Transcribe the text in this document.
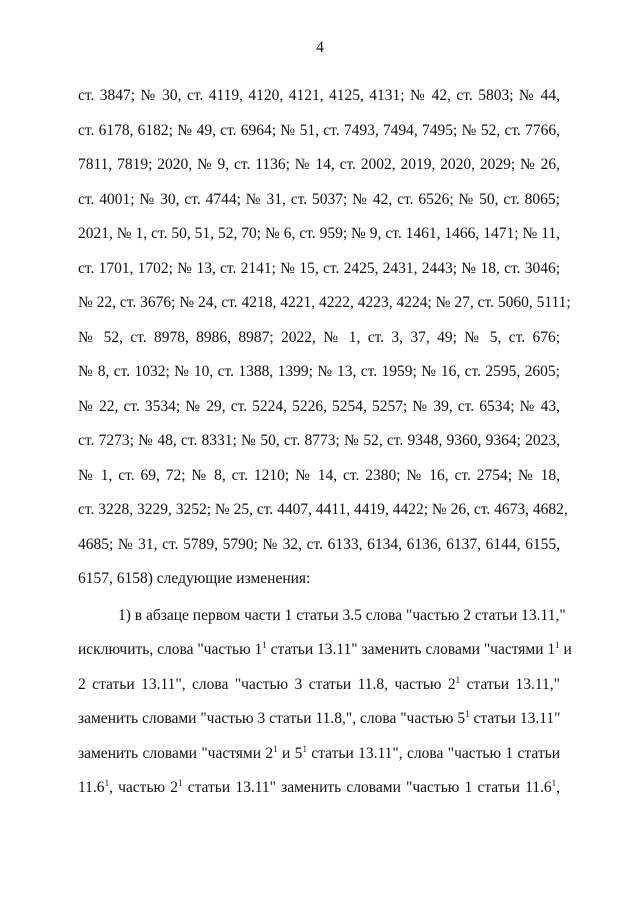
4
ст. 3847; № 30, ст. 4119, 4120, 4121, 4125, 4131; № 42, ст. 5803; № 44,
ст. 6178, 6182; № 49, ст. 6964; № 51, ст. 7493, 7494, 7495; № 52, ст. 7766,
7811, 7819; 2020, № 9, ст. 1136; № 14, ст. 2002, 2019, 2020, 2029; № 26,
ст. 4001; № 30, ст. 4744; № 31, ст. 5037; № 42, ст. 6526; № 50, ст. 8065;
2021, № 1, ст. 50, 51, 52, 70; № 6, ст. 959; № 9, ст. 1461, 1466, 1471; № 11,
ст. 1701, 1702; № 13, ст. 2141; № 15, ст. 2425, 2431, 2443; № 18, ст. 3046;
№ 22, ст. 3676; № 24, ст. 4218, 4221, 4222, 4223, 4224; № 27, ст. 5060, 5111;
№ 52, ст. 8978, 8986, 8987; 2022, № 1, ст. 3, 37, 49; № 5, ст. 676;
№ 8, ст. 1032; № 10, ст. 1388, 1399; № 13, ст. 1959; № 16, ст. 2595, 2605;
№ 22, ст. 3534; № 29, ст. 5224, 5226, 5254, 5257; № 39, ст. 6534; № 43,
ст. 7273; № 48, ст. 8331; № 50, ст. 8773; № 52, ст. 9348, 9360, 9364; 2023,
№ 1, ст. 69, 72; № 8, ст. 1210; № 14, ст. 2380; № 16, ст. 2754; № 18,
ст. 3228, 3229, 3252; № 25, ст. 4407, 4411, 4419, 4422; № 26, ст. 4673, 4682,
4685; № 31, ст. 5789, 5790; № 32, ст. 6133, 6134, 6136, 6137, 6144, 6155,
6157, 6158) следующие изменения:
1) в абзаце первом части 1 статьи 3.5 слова "частью 2 статьи 13.11,"
исключить, слова "частью $1^1$ статьи 13.11" заменить словами "частями $1^1$ и
2 статьи 13.11", слова "частью 3 статьи 11.8, частью $2^1$ статьи 13.11,"
заменить словами "частью 3 статьи 11.8,", слова "частью $5^1$ статьи 13.11"
заменить словами "частями $2^1$ и $5^1$ статьи 13.11", слова "частью 1 статьи
11.6$^1$, частью $2^1$ статьи 13.11" заменить словами "частью 1 статьи 11.6$^1$,
